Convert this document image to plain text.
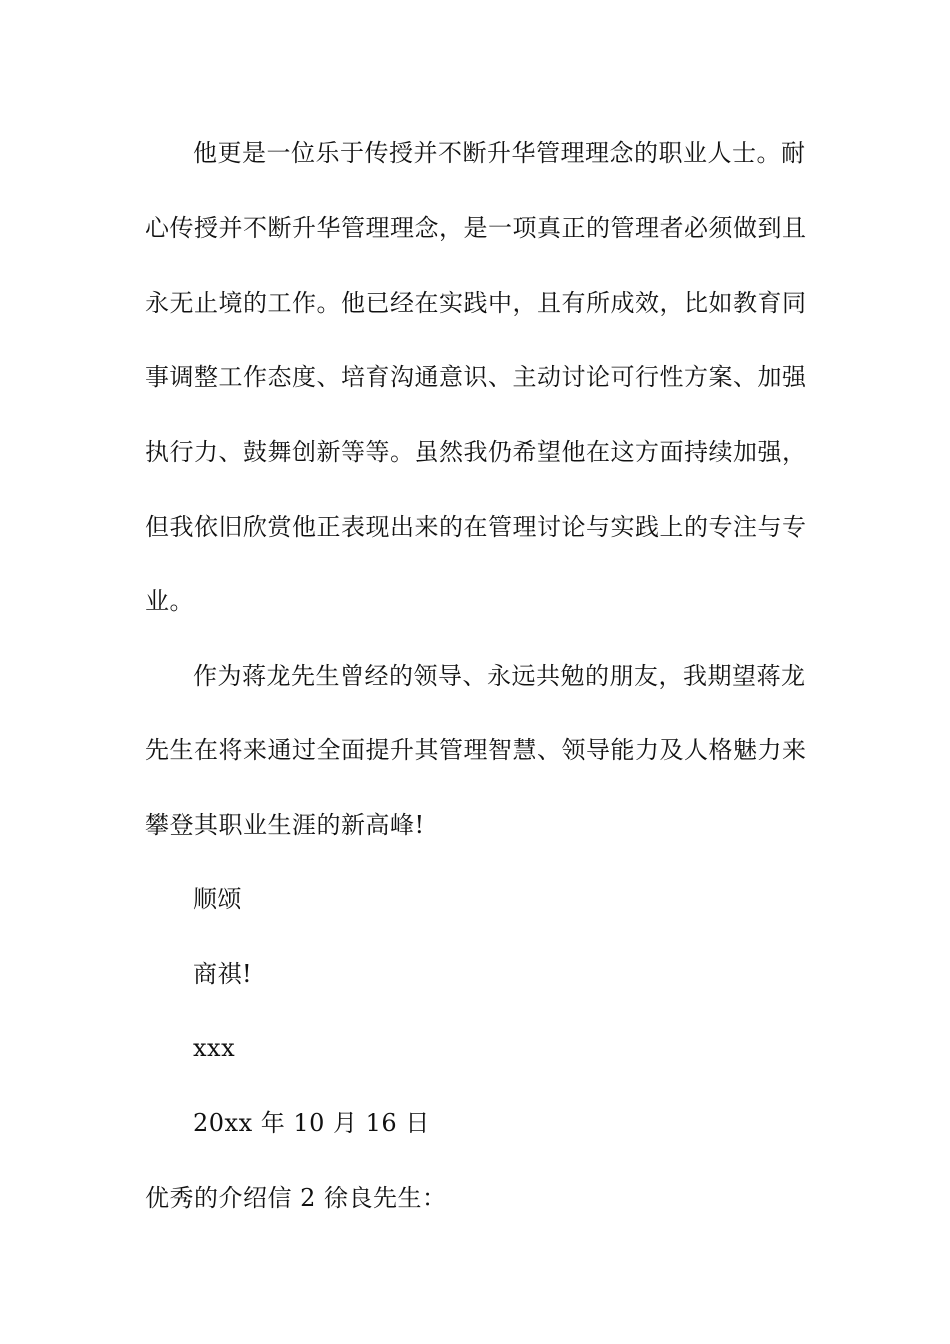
他更是一位乐于传授并不断升华管理理念的职业人士。耐
心传授并不断升华管理理念，是一项真正的管理者必须做到且
永无止境的工作。他已经在实践中，且有所成效，比如教育同
事调整工作态度、培育沟通意识、主动讨论可行性方案、加强
执行力、鼓舞创新等等。虽然我仍希望他在这方面持续加强，
但我依旧欣赏他正表现出来的在管理讨论与实践上的专注与专
业。
作为蒋龙先生曾经的领导、永远共勉的朋友，我期望蒋龙
先生在将来通过全面提升其管理智慧、领导能力及人格魅力来
攀登其职业生涯的新高峰!
顺颂
商祺!
xxx
20xx 年 10 月 16 日
优秀的介绍信 2 徐良先生：
